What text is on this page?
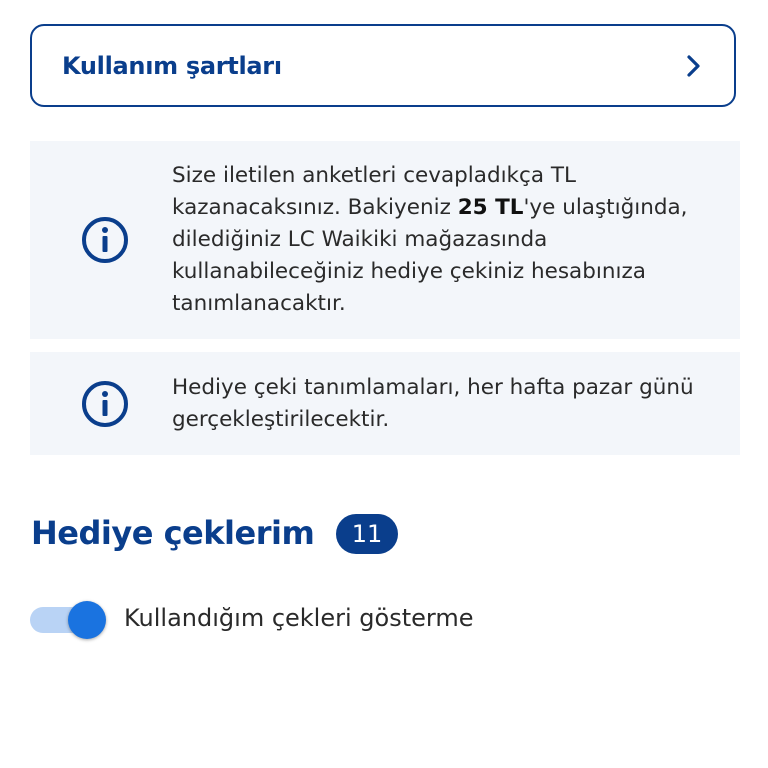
Kullanım şartları
Size iletilen anketleri cevapladıkça TL kazanacaksınız. Bakiyeniz 25 TL'ye ulaştığında, dilediğiniz LC Waikiki mağazasında kullanabileceğiniz hediye çekiniz hesabınıza tanımlanacaktır.
Hediye çeki tanımlamaları, her hafta pazar günü gerçekleştirilecektir.
Hediye çeklerim	11
Kullandığım çekleri gösterme
